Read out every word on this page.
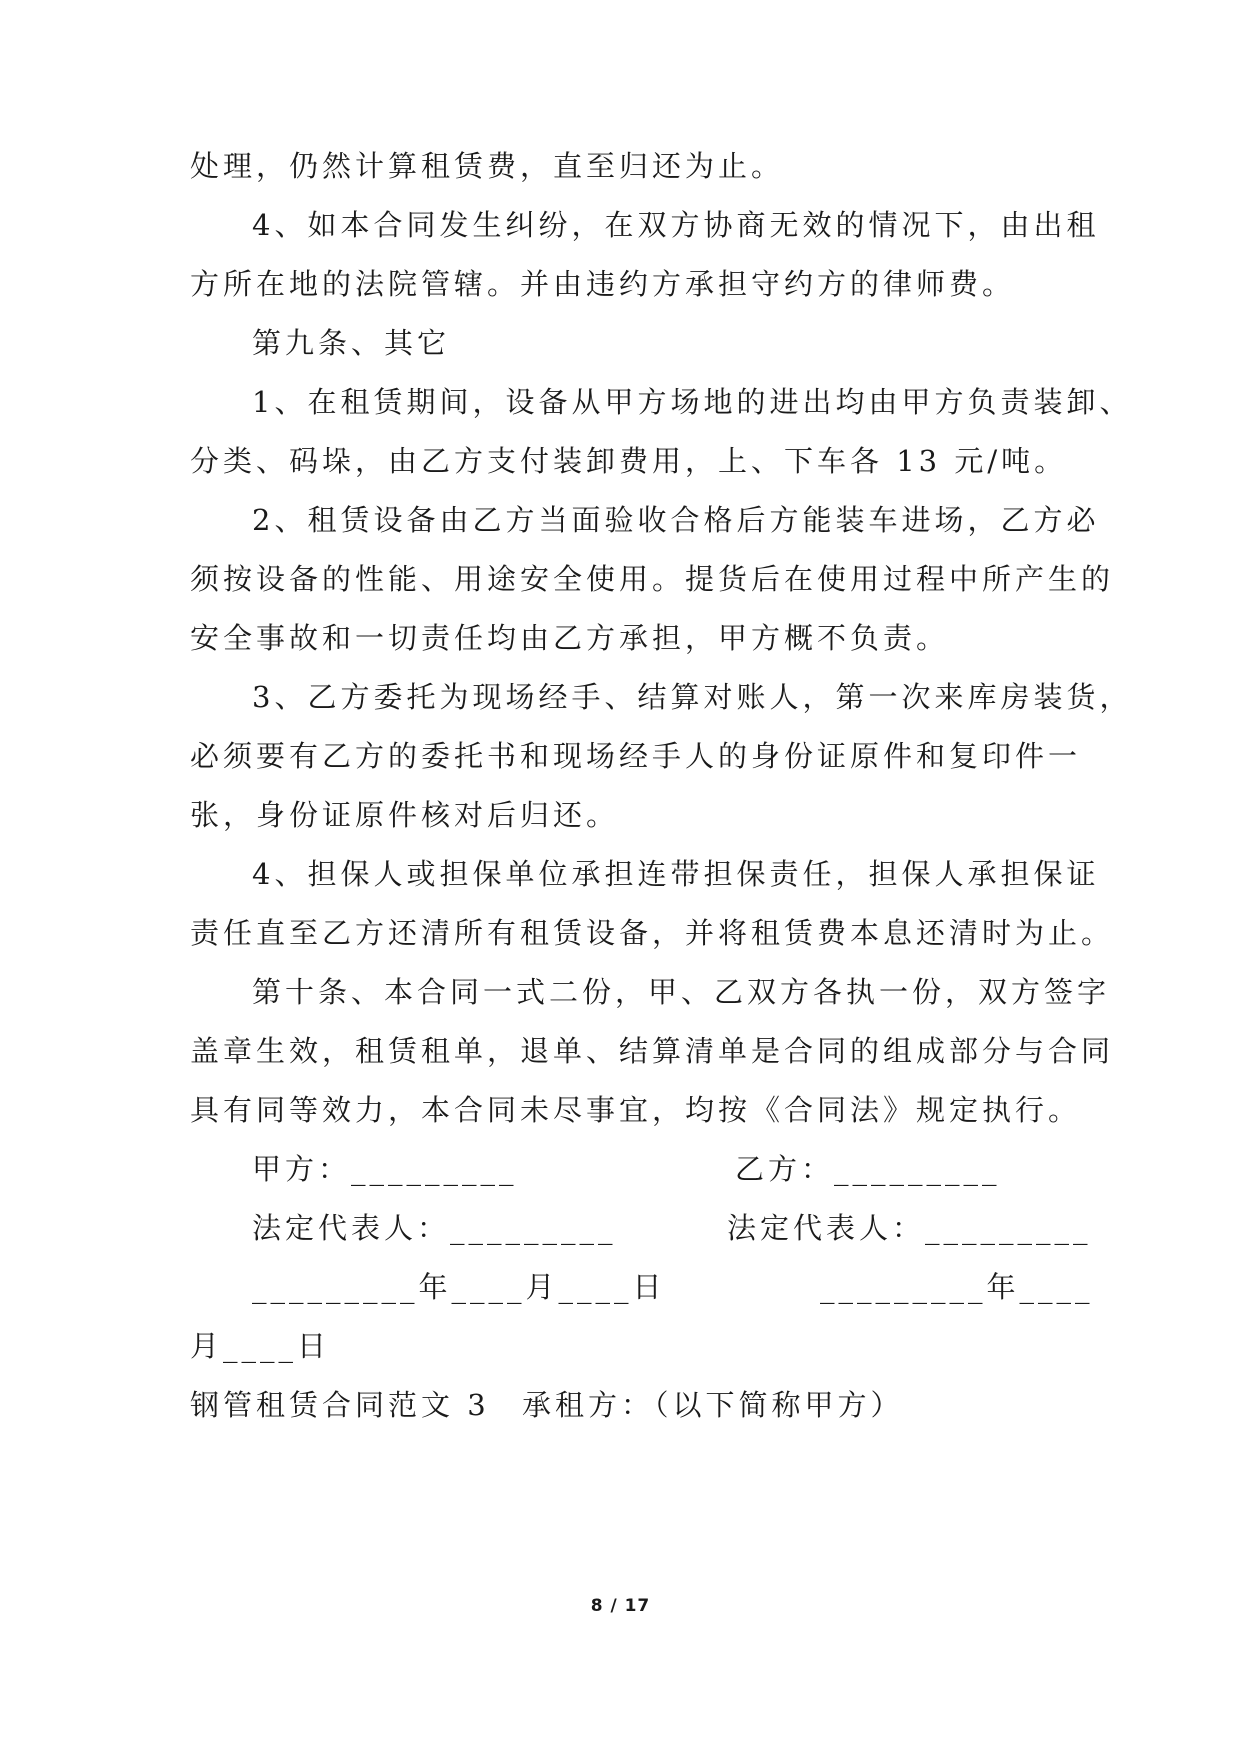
处理，仍然计算租赁费，直至归还为止。
4、如本合同发生纠纷，在双方协商无效的情况下，由出租
方所在地的法院管辖。并由违约方承担守约方的律师费。
第九条、其它
1、在租赁期间，设备从甲方场地的进出均由甲方负责装卸、
分类、码垛，由乙方支付装卸费用，上、下车各 13 元/吨。
2、租赁设备由乙方当面验收合格后方能装车进场，乙方必
须按设备的性能、用途安全使用。提货后在使用过程中所产生的
安全事故和一切责任均由乙方承担，甲方概不负责。
3、乙方委托为现场经手、结算对账人，第一次来库房装货，
必须要有乙方的委托书和现场经手人的身份证原件和复印件一
张，身份证原件核对后归还。
4、担保人或担保单位承担连带担保责任，担保人承担保证
责任直至乙方还清所有租赁设备，并将租赁费本息还清时为止。
第十条、本合同一式二份，甲、乙双方各执一份，双方签字
盖章生效，租赁租单，退单、结算清单是合同的组成部分与合同
具有同等效力，本合同未尽事宜，均按《合同法》规定执行。
甲方：_________	乙方：_________
法定代表人：_________	法定代表人：_________
_________年____月____日	_________年____
月____日
钢管租赁合同范文 3 承租方：（以下简称甲方）
8 / 17
